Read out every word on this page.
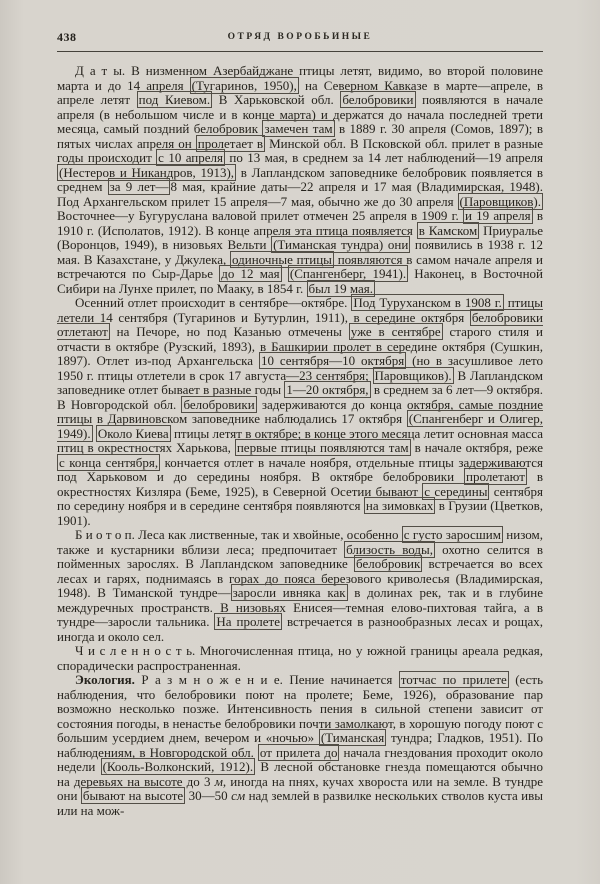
438	ОТРЯД ВОРОБЬИНЫЕ

Д а т ы. В низменном Азербайджане птицы летят, видимо, во второй половине марта и до 14 апреля (Тугаринов, 1950), на Северном Кавказе в марте—апреле, в апреле летят под Киевом. В Харьковской обл. белобровики появляются в начале апреля (в небольшом числе и в конце марта) и держатся до начала последней трети месяца, самый поздний белобровик замечен там в 1889 г. 30 апреля (Сомов, 1897); в пятых числах апреля он пролетает в Минской обл. В Псковской обл. прилет в разные годы происходит с 10 апреля по 13 мая, в среднем за 14 лет наблюдений—19 апреля (Нестеров и Никандров, 1913), в Лапландском заповеднике белобровик появляется в среднем за 9 лет— 8 мая, крайние даты—22 апреля и 17 мая (Владимирская, 1948). Под Архангельском прилет 15 апреля—7 мая, обычно же до 30 апреля (Паровщиков). Восточнее—у Бугуруслана валовой прилет отмечен 25 апреля в 1909 г. и 19 апреля в 1910 г. (Исполатов, 1912). В конце апреля эта птица появляется в Камском Приуралье (Воронцов, 1949), в низовьях Вельти (Тиманская тундра) они появились в 1938 г. 12 мая. В Казахстане, у Джулека, одиночные птицы появляются в самом начале апреля и встречаются по Сыр-Дарье до 12 мая (Спангенберг, 1941). Наконец, в Восточной Сибири на Лунхе прилет, по Мааку, в 1854 г. был 19 мая.

Осенний отлет происходит в сентябре—октябре. Под Туруханском в 1908 г. птицы летели 14 сентября (Тугаринов и Бутурлин, 1911), в середине октября белобровики отлетают на Печоре, но под Казанью отмечены уже в сентябре старого стиля и отчасти в октябре (Рузский, 1893), в Башкирии пролет в середине октября (Сушкин, 1897). Отлет из-под Архангельска 10 сентября—10 октября (но в засушливое лето 1950 г. птицы отлетели в срок 17 августа—23 сентября; Паровщиков). В Лапландском заповеднике отлет бывает в разные годы 1—20 октября, в среднем за 6 лет—9 октября. В Новгородской обл. белобровики задерживаются до конца октября, самые поздние птицы в Дарвиновском заповеднике наблюдались 17 октября (Спангенберг и Олигер, 1949). Около Киева птицы летят в октябре; в конце этого месяца летит основная масса птиц в окрестностях Харькова, первые птицы появляются там в начале октября, реже с конца сентября, кончается отлет в начале ноября, отдельные птицы задерживаются под Харьковом и до середины ноября. В октябре белобровики пролетают в окрестностях Кизляра (Беме, 1925), в Северной Осетии бывают с середины сентября по середину ноября и в середине сентября появляются на зимовках в Грузии (Цветков, 1901).

Б и о т о п. Леса как лиственные, так и хвойные, особенно с густо заросшим низом, также и кустарники вблизи леса; предпочитает близость воды, охотно селится в пойменных зарослях. В Лапландском заповеднике белобровик встречается во всех лесах и гарях, поднимаясь в горах до пояса березового криволесья (Владимирская, 1948). В Тиманской тундре— заросли ивняка как в долинах рек, так и в глубине междуречных пространств. В низовьях Енисея—темная елово-пихтовая тайга, а в тундре—заросли тальника. На пролете встречается в разнообразных лесах и рощах, иногда и около сел.

Ч и с л е н н о с т ь. Многочисленная птица, но у южной границы ареала редкая, спорадически распространенная.

Экология. Р а з м н о ж е н и е. Пение начинается тотчас по прилете (есть наблюдения, что белобровики поют на пролете; Беме, 1926), образование пар возможно несколько позже. Интенсивность пения в сильной степени зависит от состояния погоды, в ненастье белобровики почти замолкают, в хорошую погоду поют с большим усердием днем, вечером и «ночью» (Тиманская тундра; Гладков, 1951). По наблюдениям, в Новгородской обл. от прилета до начала гнездования проходит около недели (Кооль-Волконский, 1912). В лесной обстановке гнезда помещаются обычно на деревьях на высоте до 3 м, иногда на пнях, кучах хвороста или на земле. В тундре они бывают на высоте 30—50 см над землей в развилке нескольких стволов куста ивы или на мож-
